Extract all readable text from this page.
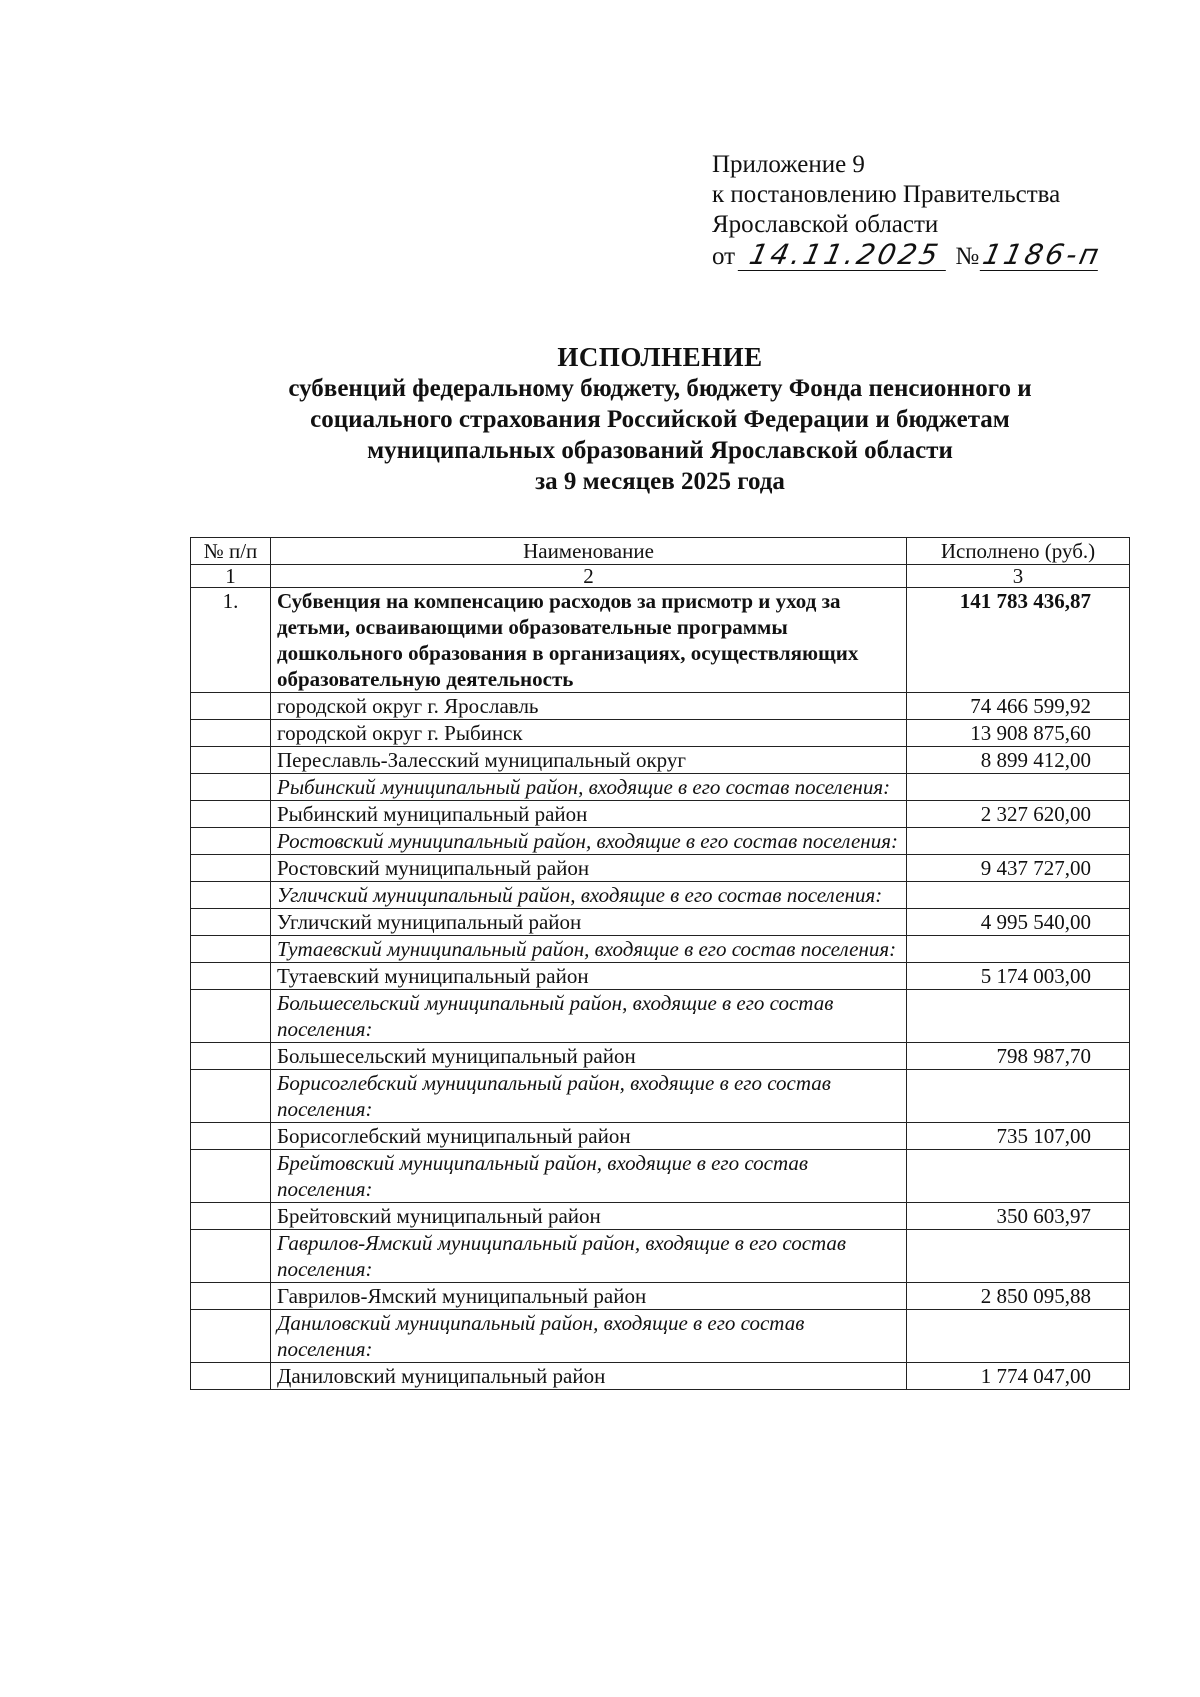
Приложение 9
к постановлению Правительства
Ярославской области
от 14.11.2025 №1186-п
ИСПОЛНЕНИЕ
субвенций федеральному бюджету, бюджету Фонда пенсионного и
социального страхования Российской Федерации и бюджетам
муниципальных образований Ярославской области
за 9 месяцев 2025 года
№ п/п	Наименование	Исполнено (руб.)
1	2	3
1.	Субвенция на компенсацию расходов за присмотр и уход за детьми, осваивающими образовательные программы дошкольного образования в организациях, осуществляющих образовательную деятельность	141 783 436,87
	городской округ г. Ярославль	74 466 599,92
	городской округ г. Рыбинск	13 908 875,60
	Переславль-Залесский муниципальный округ	8 899 412,00
	Рыбинский муниципальный район, входящие в его состав поселения:	
	Рыбинский муниципальный район	2 327 620,00
	Ростовский муниципальный район, входящие в его состав поселения:	
	Ростовский муниципальный район	9 437 727,00
	Угличский муниципальный район, входящие в его состав поселения:	
	Угличский муниципальный район	4 995 540,00
	Тутаевский муниципальный район, входящие в его состав поселения:	
	Тутаевский муниципальный район	5 174 003,00
	Большесельский муниципальный район, входящие в его состав поселения:	
	Большесельский муниципальный район	798 987,70
	Борисоглебский муниципальный район, входящие в его состав поселения:	
	Борисоглебский муниципальный район	735 107,00
	Брейтовский муниципальный район, входящие в его состав поселения:	
	Брейтовский муниципальный район	350 603,97
	Гаврилов-Ямский муниципальный район, входящие в его состав поселения:	
	Гаврилов-Ямский муниципальный район	2 850 095,88
	Даниловский муниципальный район, входящие в его состав поселения:	
	Даниловский муниципальный район	1 774 047,00
